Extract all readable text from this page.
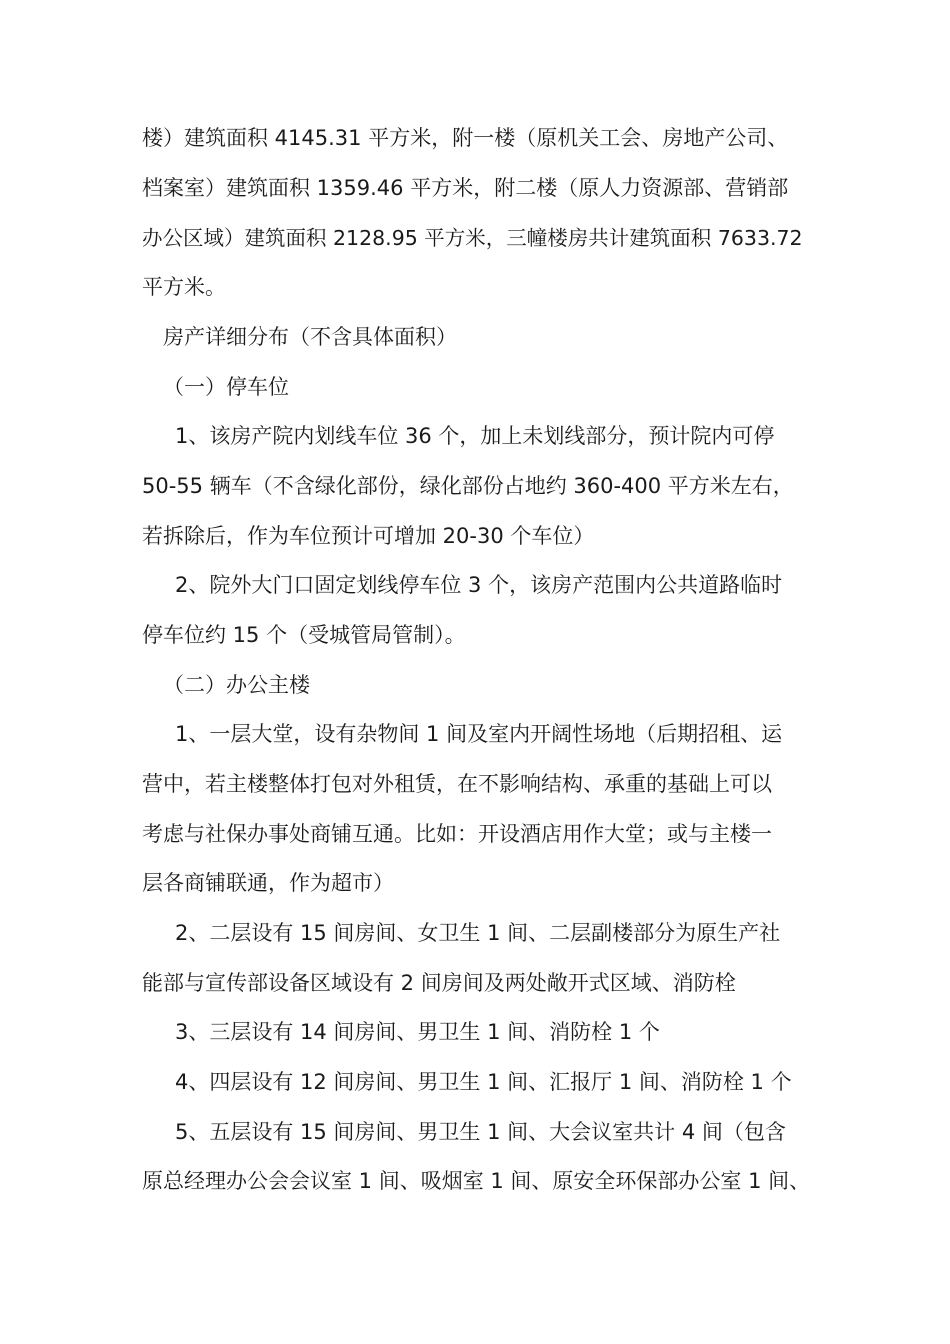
楼）建筑面积 4145.31 平方米，附一楼（原机关工会、房地产公司、
档案室）建筑面积 1359.46 平方米，附二楼（原人力资源部、营销部
办公区域）建筑面积 2128.95 平方米，三幢楼房共计建筑面积 7633.72
平方米。
房产详细分布（不含具体面积）
（一）停车位
1、该房产院内划线车位 36 个，加上未划线部分，预计院内可停
50-55 辆车（不含绿化部份，绿化部份占地约 360-400 平方米左右，
若拆除后，作为车位预计可增加 20-30 个车位）
2、院外大门口固定划线停车位 3 个，该房产范围内公共道路临时
停车位约 15 个（受城管局管制）。
（二）办公主楼
1、一层大堂，设有杂物间 1 间及室内开阔性场地（后期招租、运
营中，若主楼整体打包对外租赁，在不影响结构、承重的基础上可以
考虑与社保办事处商铺互通。比如：开设酒店用作大堂；或与主楼一
层各商铺联通，作为超市）
2、二层设有 15 间房间、女卫生 1 间、二层副楼部分为原生产社
能部与宣传部设备区域设有 2 间房间及两处敞开式区域、消防栓
3、三层设有 14 间房间、男卫生 1 间、消防栓 1 个
4、四层设有 12 间房间、男卫生 1 间、汇报厅 1 间、消防栓 1 个
5、五层设有 15 间房间、男卫生 1 间、大会议室共计 4 间（包含
原总经理办公会会议室 1 间、吸烟室 1 间、原安全环保部办公室 1 间、
